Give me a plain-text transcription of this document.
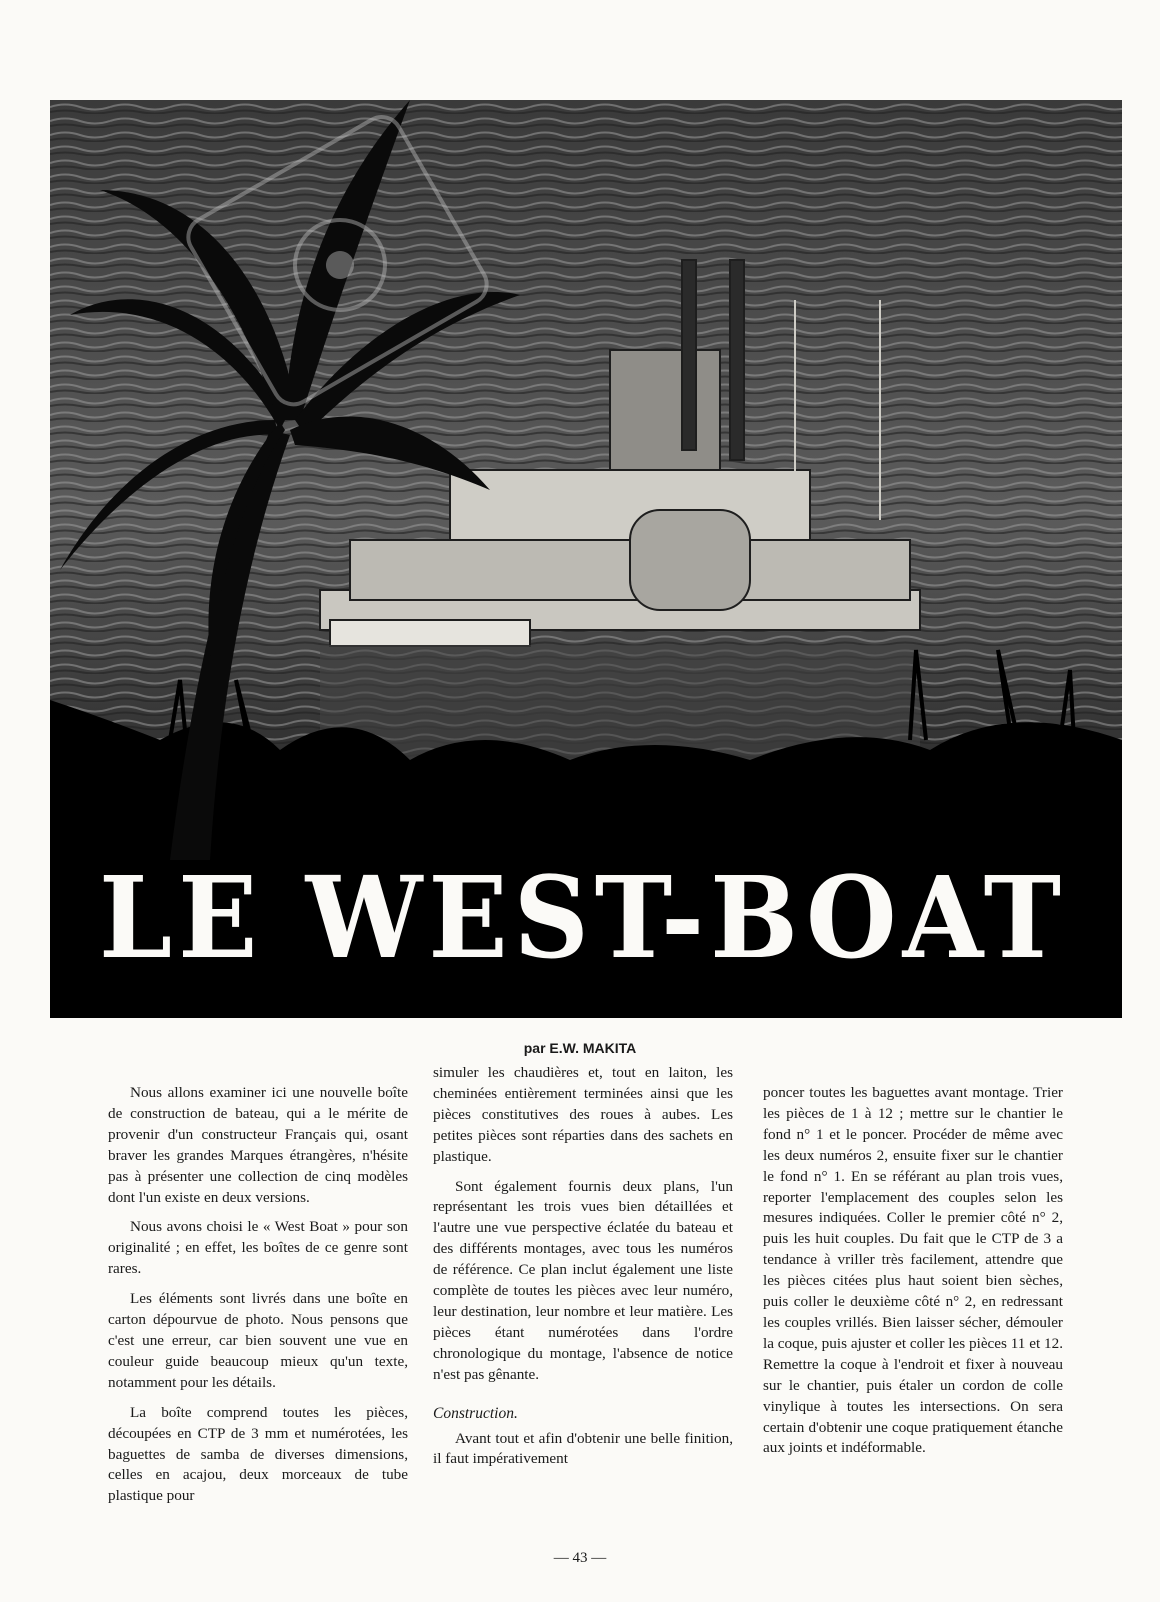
LE WEST-BOAT
par E.W. MAKITA

Nous allons examiner ici une nouvelle boîte de construction de bateau, qui a le mérite de provenir d'un constructeur Français qui, osant braver les grandes Marques étrangères, n'hésite pas à présenter une collection de cinq modèles dont l'un existe en deux versions.

Nous avons choisi le « West Boat » pour son originalité ; en effet, les boîtes de ce genre sont rares.

Les éléments sont livrés dans une boîte en carton dépourvue de photo. Nous pensons que c'est une erreur, car bien souvent une vue en couleur guide beaucoup mieux qu'un texte, notamment pour les détails.

La boîte comprend toutes les pièces, découpées en CTP de 3 mm et numérotées, les baguettes de samba de diverses dimensions, celles en acajou, deux morceaux de tube plastique pour

simuler les chaudières et, tout en laiton, les cheminées entièrement terminées ainsi que les pièces constitutives des roues à aubes. Les petites pièces sont réparties dans des sachets en plastique.

Sont également fournis deux plans, l'un représentant les trois vues bien détaillées et l'autre une vue perspective éclatée du bateau et des différents montages, avec tous les numéros de référence. Ce plan inclut également une liste complète de toutes les pièces avec leur numéro, leur destination, leur nombre et leur matière. Les pièces étant numérotées dans l'ordre chronologique du montage, l'absence de notice n'est pas gênante.

Construction.

Avant tout et afin d'obtenir une belle finition, il faut impérativement

poncer toutes les baguettes avant montage. Trier les pièces de 1 à 12 ; mettre sur le chantier le fond n° 1 et le poncer. Procéder de même avec les deux numéros 2, ensuite fixer sur le chantier le fond n° 1. En se référant au plan trois vues, reporter l'emplacement des couples selon les mesures indiquées. Coller le premier côté n° 2, puis les huit couples. Du fait que le CTP de 3 a tendance à vriller très facilement, attendre que les pièces citées plus haut soient bien sèches, puis coller le deuxième côté n° 2, en redressant les couples vrillés. Bien laisser sécher, démouler la coque, puis ajuster et coller les pièces 11 et 12. Remettre la coque à l'endroit et fixer à nouveau sur le chantier, puis étaler un cordon de colle vinylique à toutes les intersections. On sera certain d'obtenir une coque pratiquement étanche aux joints et indéformable.

— 43 —
